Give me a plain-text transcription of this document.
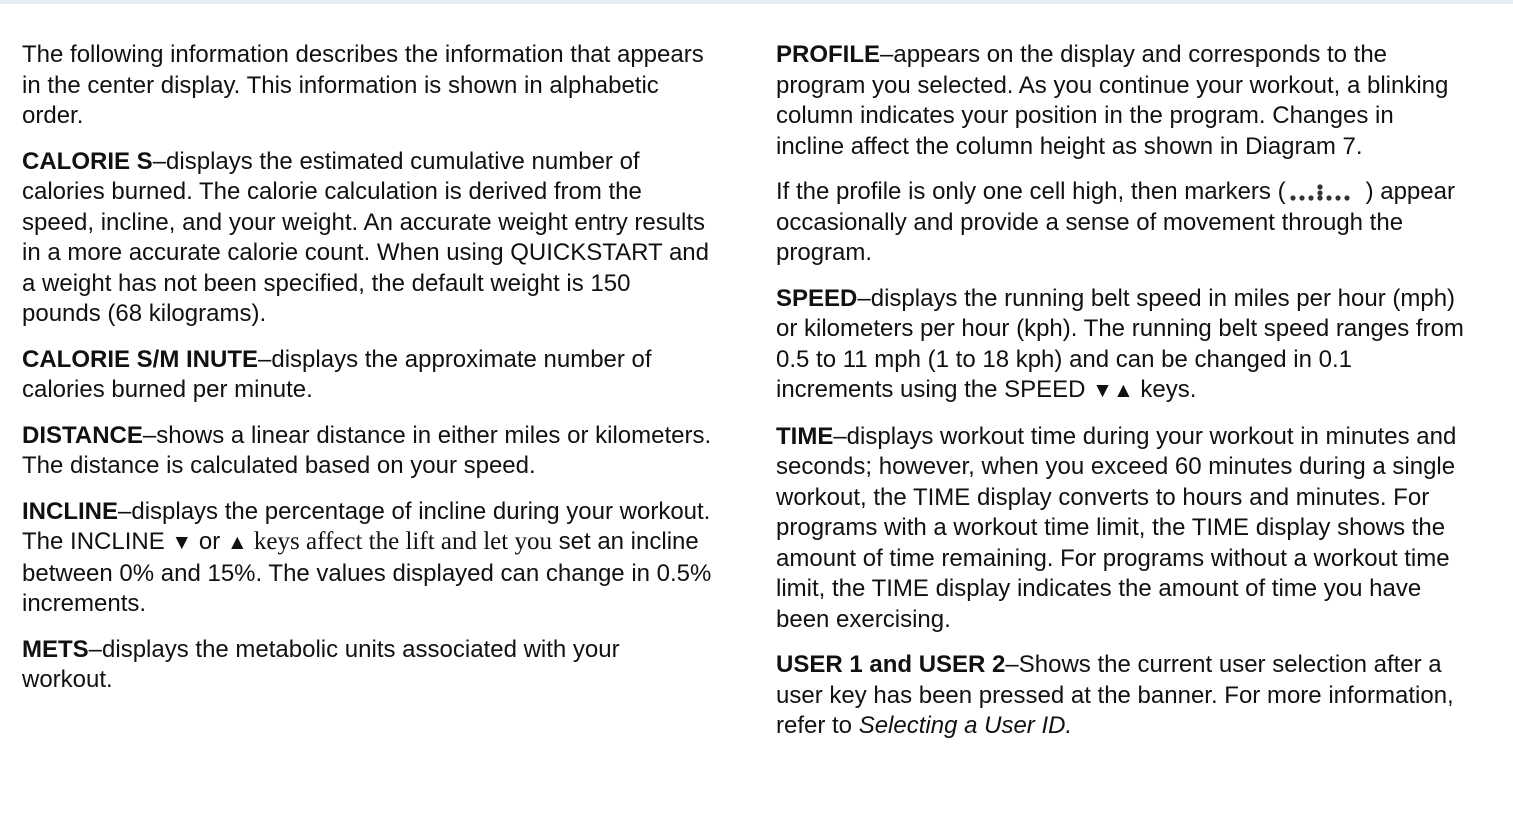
The following information describes the information that appears in the center display. This information is shown in alphabetic order.

CALORIE S–displays the estimated cumulative number of calories burned. The calorie calculation is derived from the speed, incline, and your weight. An accurate weight entry results in a more accurate calorie count. When using QUICKSTART and a weight has not been specified, the default weight is 150 pounds (68 kilograms).

CALORIE S/M INUTE–displays the approximate number of calories burned per minute.

DISTANCE–shows a linear distance in either miles or kilometers. The distance is calculated based on your speed.

INCLINE–displays the percentage of incline during your workout. The INCLINE ▼ or ▲ keys affect the lift and let you set an incline between 0% and 15%. The values displayed can change in 0.5% increments.

METS–displays the metabolic units associated with your workout.

PROFILE–appears on the display and corresponds to the program you selected. As you continue your workout, a blinking column indicates your position in the program. Changes in incline affect the column height as shown in Diagram 7.

If the profile is only one cell high, then markers (	) appear occasionally and provide a sense of movement through the program.

SPEED–displays the running belt speed in miles per hour (mph) or kilometers per hour (kph). The running belt speed ranges from 0.5 to 11 mph (1 to 18 kph) and can be changed in 0.1 increments using the SPEED ▼▲ keys.

TIME–displays workout time during your workout in minutes and seconds; however, when you exceed 60 minutes during a single workout, the TIME display converts to hours and minutes. For programs with a workout time limit, the TIME display shows the amount of time remaining. For programs without a workout time limit, the TIME display indicates the amount of time you have been exercising.

USER 1 and USER 2–Shows the current user selection after a user key has been pressed at the banner. For more information, refer to Selecting a User ID.
